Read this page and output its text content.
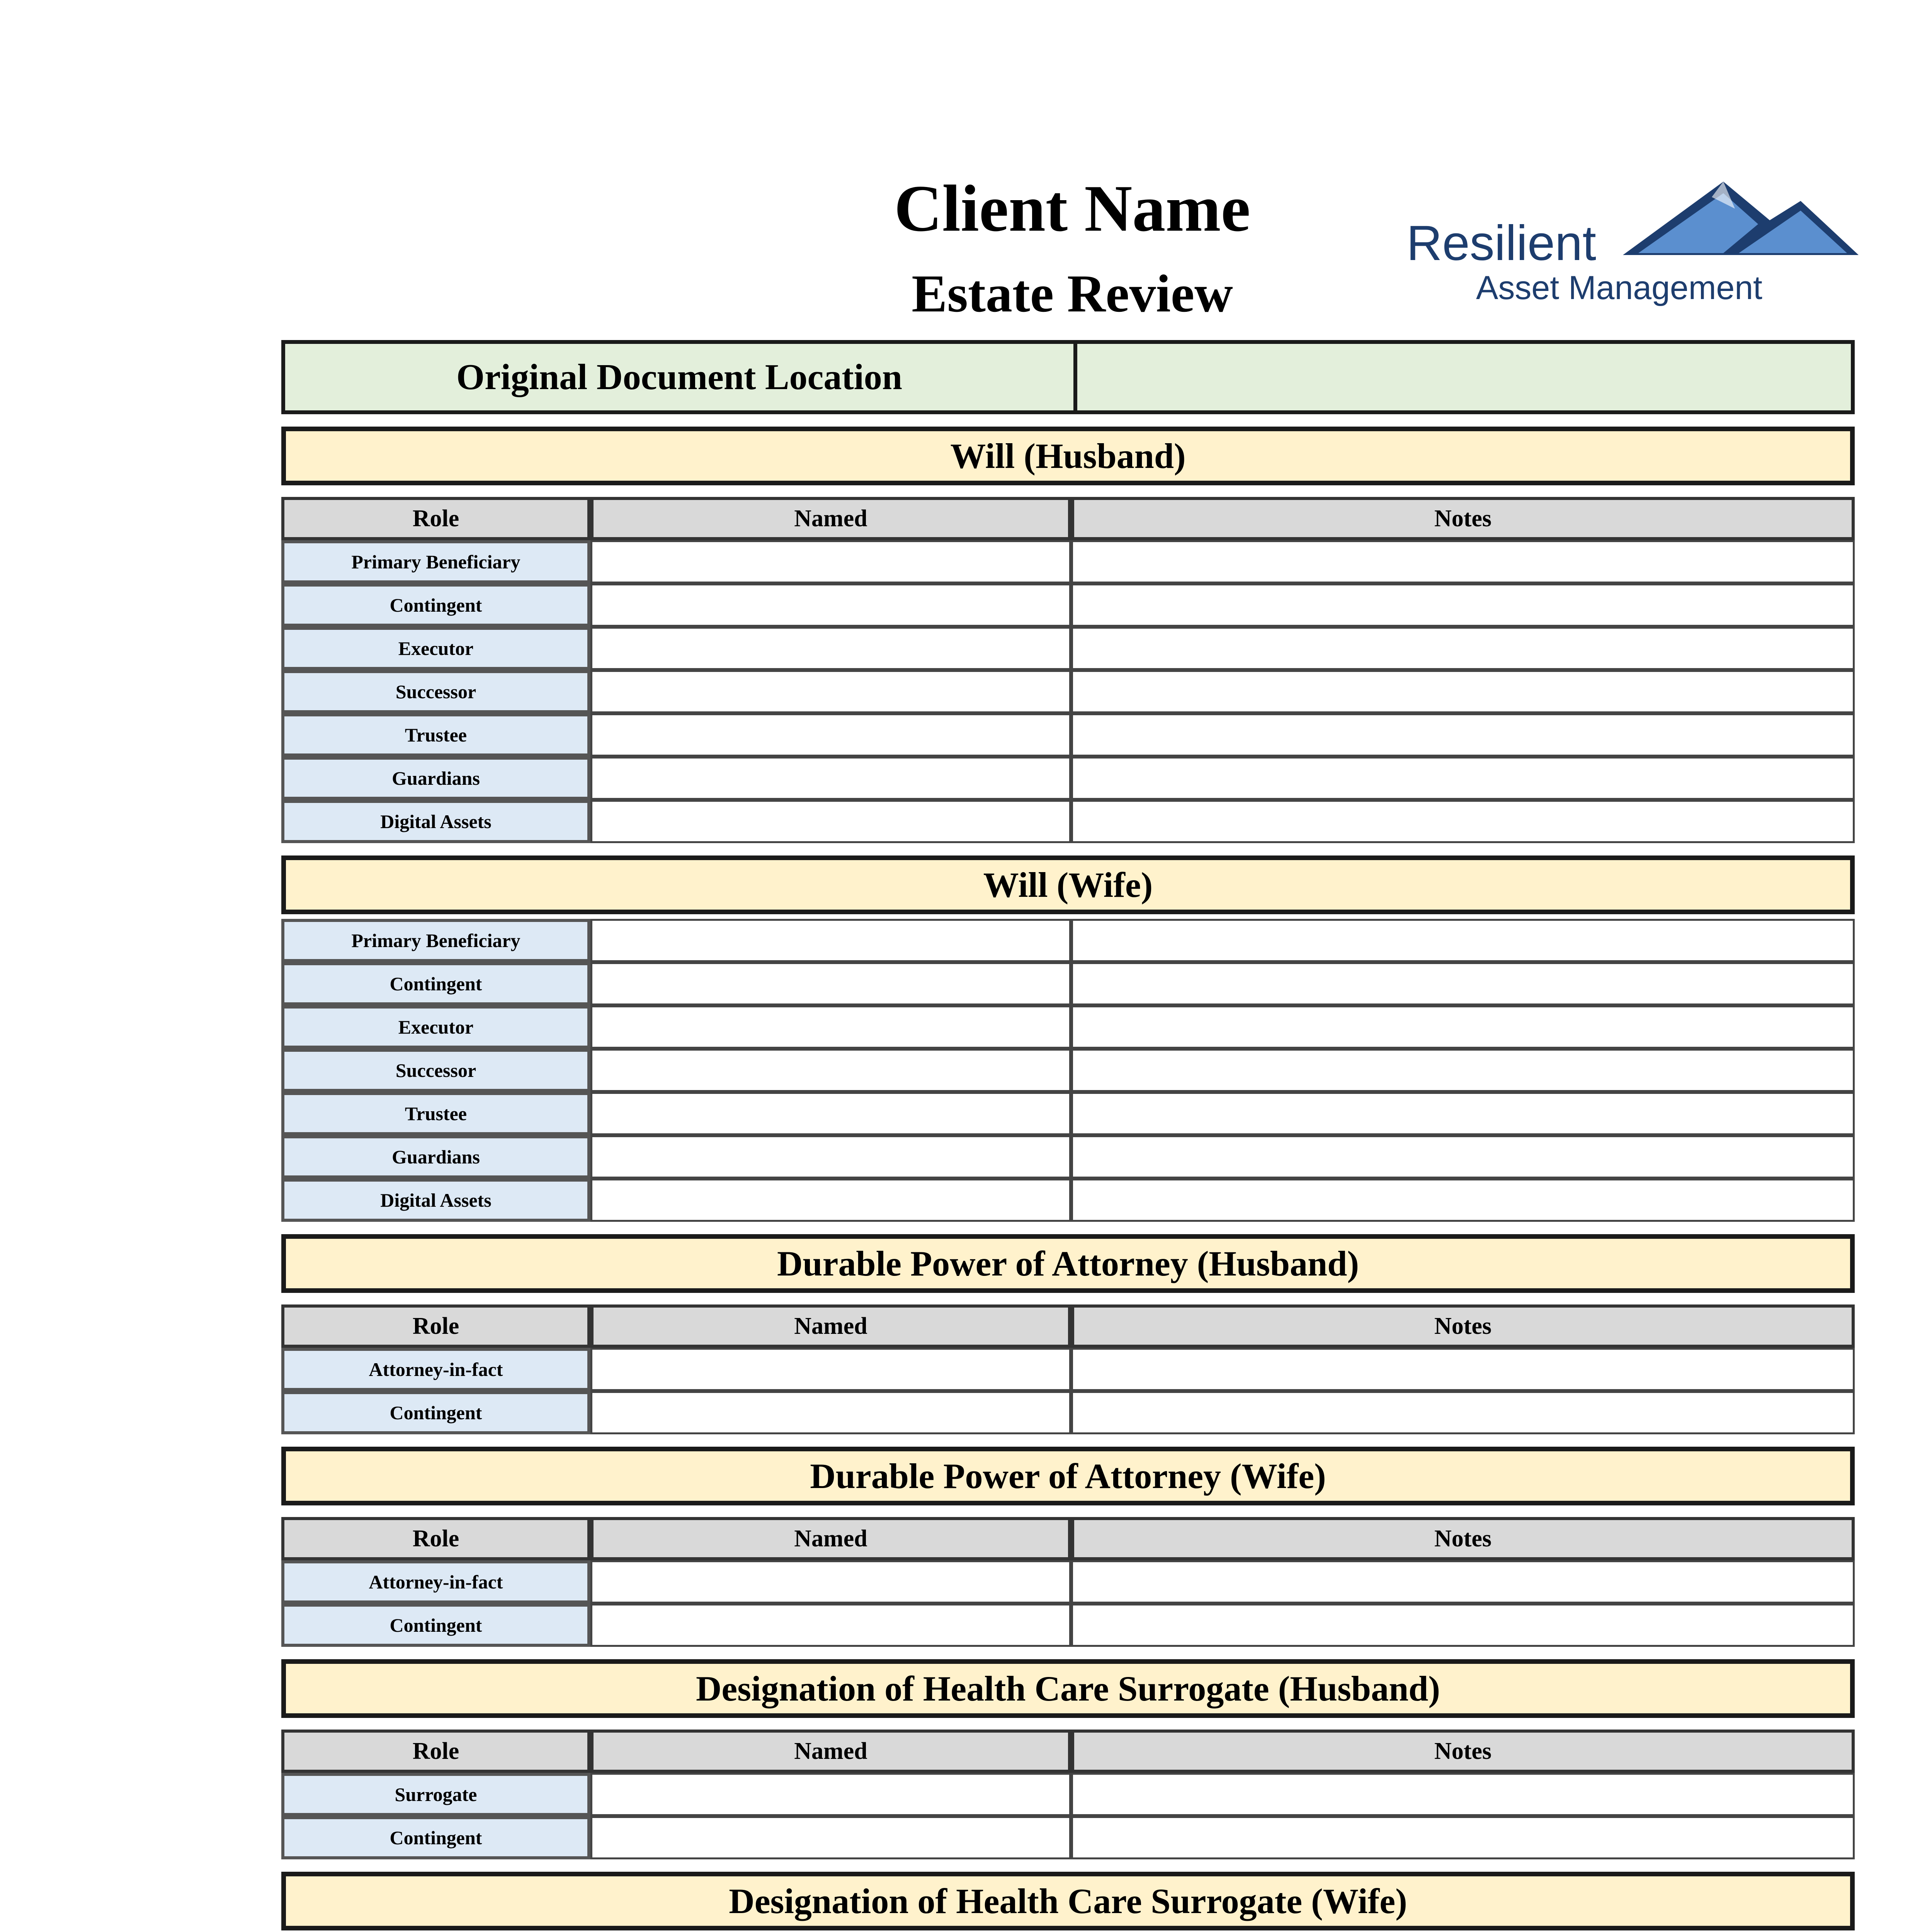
Client Name
Estate Review
Resilient
Asset Management
Original Document Location
Will (Husband)
Role	Named	Notes
Primary Beneficiary
Contingent
Executor
Successor
Trustee
Guardians
Digital Assets
Will (Wife)
Primary Beneficiary
Contingent
Executor
Successor
Trustee
Guardians
Digital Assets
Durable Power of Attorney (Husband)
Role	Named	Notes
Attorney-in-fact
Contingent
Durable Power of Attorney (Wife)
Role	Named	Notes
Attorney-in-fact
Contingent
Designation of Health Care Surrogate (Husband)
Role	Named	Notes
Surrogate
Contingent
Designation of Health Care Surrogate (Wife)
